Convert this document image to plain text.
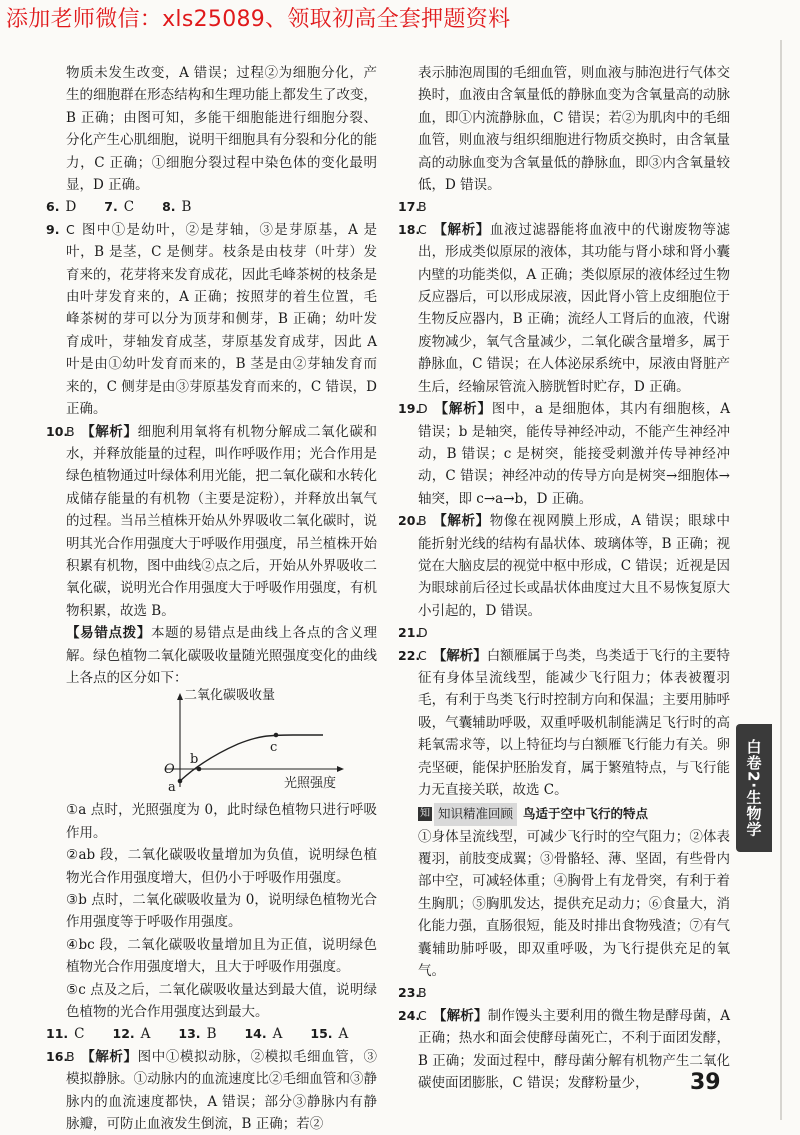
添加老师微信：xls25089、领取初高全套押题资料

物质未发生改变，A 错误；过程②为细胞分化，产生的细胞群在形态结构和生理功能上都发生了改变，B 正确；由图可知，多能干细胞能进行细胞分裂、分化产生心肌细胞，说明干细胞具有分裂和分化的能力，C 正确；①细胞分裂过程中染色体的变化最明显，D 正确。

6. D	7. C	8. B

9. C 图中①是幼叶，②是芽轴，③是芽原基，A 是叶，B 是茎，C 是侧芽。枝条是由枝芽（叶芽）发育来的，花芽将来发育成花，因此毛峰茶树的枝条是由叶芽发育来的，A 正确；按照芽的着生位置，毛峰茶树的芽可以分为顶芽和侧芽，B 正确；幼叶发育成叶，芽轴发育成茎，芽原基发育成芽，因此 A 叶是由①幼叶发育而来的，B 茎是由②芽轴发育而来的，C 侧芽是由③芽原基发育而来的，C 错误，D 正确。

10.

B 【解析】细胞利用氧将有机物分解成二氧化碳和水，并释放能量的过程，叫作呼吸作用；光合作用是绿色植物通过叶绿体利用光能，把二氧化碳和水转化成储存能量的有机物（主要是淀粉），并释放出氧气的过程。当吊兰植株开始从外界吸收二氧化碳时，说明其光合作用强度大于呼吸作用强度，吊兰植株开始积累有机物，图中曲线②点之后，开始从外界吸收二氧化碳，说明光合作用强度大于呼吸作用强度，有机物积累，故选 B。

【易错点拨】本题的易错点是曲线上各点的含义理解。绿色植物二氧化碳吸收量随光照强度变化的曲线上各点的区分如下：

二氧化碳吸收量
O
a
b
c
光照强度

①a 点时，光照强度为 0，此时绿色植物只进行呼吸作用。

②ab 段，二氧化碳吸收量增加为负值，说明绿色植物光合作用强度增大，但仍小于呼吸作用强度。

③b 点时，二氧化碳吸收量为 0，说明绿色植物光合作用强度等于呼吸作用强度。

④bc 段，二氧化碳吸收量增加且为正值，说明绿色植物光合作用强度增大，且大于呼吸作用强度。

⑤c 点及之后，二氧化碳吸收量达到最大值，说明绿色植物的光合作用强度达到最大。

11. C	12. A	13. B	14. A	15. A

16.

B 【解析】图中①模拟动脉，②模拟毛细血管，③模拟静脉。①动脉内的血流速度比②毛细血管和③静脉内的血流速度都快，A 错误；部分③静脉内有静脉瓣，可防止血液发生倒流，B 正确；若②

表示肺泡周围的毛细血管，则血液与肺泡进行气体交换时，血液由含氧量低的静脉血变为含氧量高的动脉血，即①内流静脉血，C 错误；若②为肌肉中的毛细血管，则血液与组织细胞进行物质交换时，由含氧量高的动脉血变为含氧量低的静脉血，即③内含氧量较低，D 错误。

17.

B

18.

C 【解析】血液过滤器能将血液中的代谢废物等滤出，形成类似原尿的液体，其功能与肾小球和肾小囊内壁的功能类似，A 正确；类似原尿的液体经过生物反应器后，可以形成尿液，因此肾小管上皮细胞位于生物反应器内，B 正确；流经人工肾后的血液，代谢废物减少，氧气含量减少，二氧化碳含量增多，属于静脉血，C 错误；在人体泌尿系统中，尿液由肾脏产生后，经输尿管流入膀胱暂时贮存，D 正确。

19.

D 【解析】图中，a 是细胞体，其内有细胞核，A 错误；b 是轴突，能传导神经冲动，不能产生神经冲动，B 错误；c 是树突，能接受刺激并传导神经冲动，C 错误；神经冲动的传导方向是树突→细胞体→轴突，即 c→a→b，D 正确。

20.

B 【解析】物像在视网膜上形成，A 错误；眼球中能折射光线的结构有晶状体、玻璃体等，B 正确；视觉在大脑皮层的视觉中枢中形成，C 错误；近视是因为眼球前后径过长或晶状体曲度过大且不易恢复原大小引起的，D 错误。

21.

D

22.

C 【解析】白额雁属于鸟类，鸟类适于飞行的主要特征有身体呈流线型，能减少飞行阻力；体表被覆羽毛，有利于鸟类飞行时控制方向和保温；主要用肺呼吸，气囊辅助呼吸，双重呼吸机制能满足飞行时的高耗氧需求等，以上特征均与白额雁飞行能力有关。卵壳坚硬，能保护胚胎发育，属于繁殖特点，与飞行能力无直接关联，故选 C。

知 知识精准回顾 鸟适于空中飞行的特点

①身体呈流线型，可减少飞行时的空气阻力；②体表覆羽，前肢变成翼；③骨骼轻、薄、坚固，有些骨内部中空，可减轻体重；④胸骨上有龙骨突，有利于着生胸肌；⑤胸肌发达，提供充足动力；⑥食量大，消化能力强，直肠很短，能及时排出食物残渣；⑦有气囊辅助肺呼吸，即双重呼吸，为飞行提供充足的氧气。

23.

B

24.

C 【解析】制作馒头主要利用的微生物是酵母菌，A 正确；热水和面会使酵母菌死亡，不利于面团发酵，B 正确；发面过程中，酵母菌分解有机物产生二氧化碳使面团膨胀，C 错误；发酵粉量少，

白卷2·生物学
39
